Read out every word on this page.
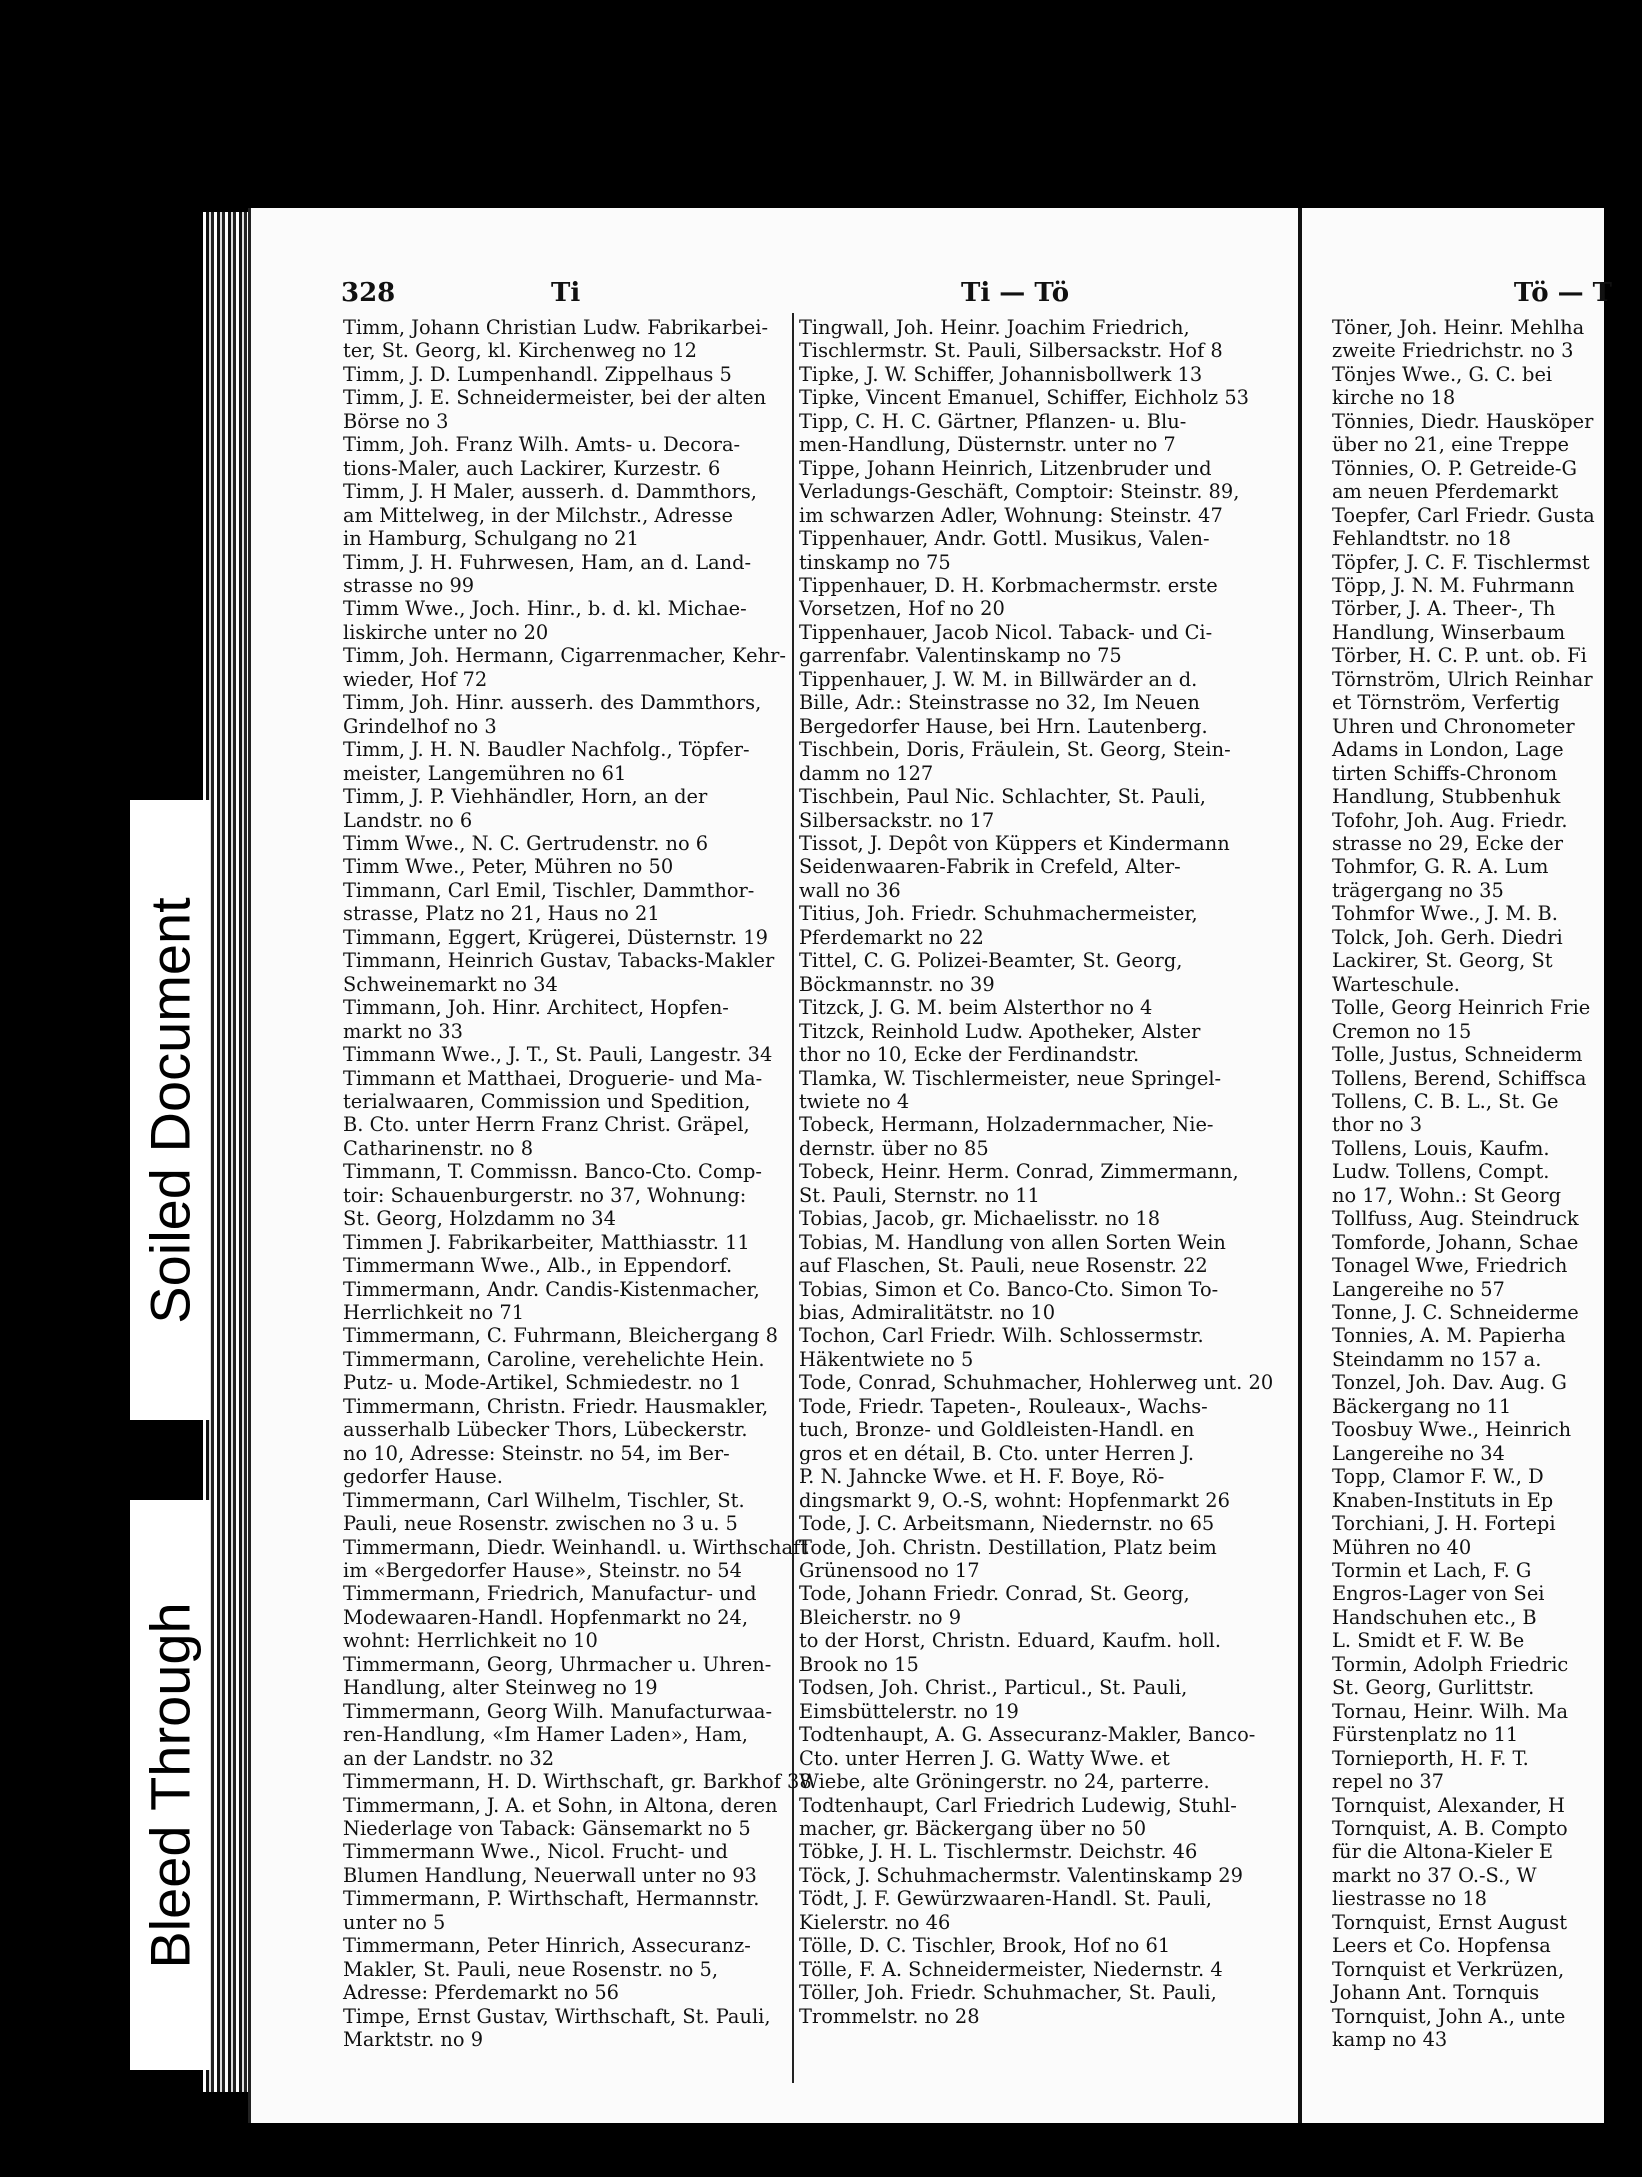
328	Ti	Ti — Tö
Timm, Johann Christian Ludw. Fabrikarbei-
ter, St. Georg, kl. Kirchenweg no 12
Timm, J. D. Lumpenhandl. Zippelhaus 5
Timm, J. E. Schneidermeister, bei der alten
Börse no 3
Timm, Joh. Franz Wilh. Amts- u. Decora-
tions-Maler, auch Lackirer, Kurzestr. 6
Timm, J. H Maler, ausserh. d. Dammthors,
am Mittelweg, in der Milchstr., Adresse
in Hamburg, Schulgang no 21
Timm, J. H. Fuhrwesen, Ham, an d. Land-
strasse no 99
Timm Wwe., Joch. Hinr., b. d. kl. Michae-
liskirche unter no 20
Timm, Joh. Hermann, Cigarrenmacher, Kehr-
wieder, Hof 72
Timm, Joh. Hinr. ausserh. des Dammthors,
Grindelhof no 3
Timm, J. H. N. Baudler Nachfolg., Töpfer-
meister, Langemühren no 61
Timm, J. P. Viehhändler, Horn, an der
Landstr. no 6
Timm Wwe., N. C. Gertrudenstr. no 6
Timm Wwe., Peter, Mühren no 50
Timmann, Carl Emil, Tischler, Dammthor-
strasse, Platz no 21, Haus no 21
Timmann, Eggert, Krügerei, Düsternstr. 19
Timmann, Heinrich Gustav, Tabacks-Makler
Schweinemarkt no 34
Timmann, Joh. Hinr. Architect, Hopfen-
markt no 33
Timmann Wwe., J. T., St. Pauli, Langestr. 34
Timmann et Matthaei, Droguerie- und Ma-
terialwaaren, Commission und Spedition,
B. Cto. unter Herrn Franz Christ. Gräpel,
Catharinenstr. no 8
Timmann, T. Commissn. Banco-Cto. Comp-
toir: Schauenburgerstr. no 37, Wohnung:
St. Georg, Holzdamm no 34
Timmen J. Fabrikarbeiter, Matthiasstr. 11
Timmermann Wwe., Alb., in Eppendorf.
Timmermann, Andr. Candis-Kistenmacher,
Herrlichkeit no 71
Timmermann, C. Fuhrmann, Bleichergang 8
Timmermann, Caroline, verehelichte Hein.
Putz- u. Mode-Artikel, Schmiedestr. no 1
Timmermann, Christn. Friedr. Hausmakler,
ausserhalb Lübecker Thors, Lübeckerstr.
no 10, Adresse: Steinstr. no 54, im Ber-
gedorfer Hause.
Timmermann, Carl Wilhelm, Tischler, St.
Pauli, neue Rosenstr. zwischen no 3 u. 5
Timmermann, Diedr. Weinhandl. u. Wirthschaft
im «Bergedorfer Hause», Steinstr. no 54
Timmermann, Friedrich, Manufactur- und
Modewaaren-Handl. Hopfenmarkt no 24,
wohnt: Herrlichkeit no 10
Timmermann, Georg, Uhrmacher u. Uhren-
Handlung, alter Steinweg no 19
Timmermann, Georg Wilh. Manufacturwaa-
ren-Handlung, «Im Hamer Laden», Ham,
an der Landstr. no 32
Timmermann, H. D. Wirthschaft, gr. Barkhof 38
Timmermann, J. A. et Sohn, in Altona, deren
Niederlage von Taback: Gänsemarkt no 5
Timmermann Wwe., Nicol. Frucht- und
Blumen Handlung, Neuerwall unter no 93
Timmermann, P. Wirthschaft, Hermannstr.
unter no 5
Timmermann, Peter Hinrich, Assecuranz-
Makler, St. Pauli, neue Rosenstr. no 5,
Adresse: Pferdemarkt no 56
Timpe, Ernst Gustav, Wirthschaft, St. Pauli,
Marktstr. no 9
Tingwall, Joh. Heinr. Joachim Friedrich,
Tischlermstr. St. Pauli, Silbersackstr. Hof 8
Tipke, J. W. Schiffer, Johannisbollwerk 13
Tipke, Vincent Emanuel, Schiffer, Eichholz 53
Tipp, C. H. C. Gärtner, Pflanzen- u. Blu-
men-Handlung, Düsternstr. unter no 7
Tippe, Johann Heinrich, Litzenbruder und
Verladungs-Geschäft, Comptoir: Steinstr. 89,
im schwarzen Adler, Wohnung: Steinstr. 47
Tippenhauer, Andr. Gottl. Musikus, Valen-
tinskamp no 75
Tippenhauer, D. H. Korbmachermstr. erste
Vorsetzen, Hof no 20
Tippenhauer, Jacob Nicol. Taback- und Ci-
garrenfabr. Valentinskamp no 75
Tippenhauer, J. W. M. in Billwärder an d.
Bille, Adr.: Steinstrasse no 32, Im Neuen
Bergedorfer Hause, bei Hrn. Lautenberg.
Tischbein, Doris, Fräulein, St. Georg, Stein-
damm no 127
Tischbein, Paul Nic. Schlachter, St. Pauli,
Silbersackstr. no 17
Tissot, J. Depôt von Küppers et Kindermann
Seidenwaaren-Fabrik in Crefeld, Alter-
wall no 36
Titius, Joh. Friedr. Schuhmachermeister,
Pferdemarkt no 22
Tittel, C. G. Polizei-Beamter, St. Georg,
Böckmannstr. no 39
Titzck, J. G. M. beim Alsterthor no 4
Titzck, Reinhold Ludw. Apotheker, Alster
thor no 10, Ecke der Ferdinandstr.
Tlamka, W. Tischlermeister, neue Springel-
twiete no 4
Tobeck, Hermann, Holzadernmacher, Nie-
dernstr. über no 85
Tobeck, Heinr. Herm. Conrad, Zimmermann,
St. Pauli, Sternstr. no 11
Tobias, Jacob, gr. Michaelisstr. no 18
Tobias, M. Handlung von allen Sorten Wein
auf Flaschen, St. Pauli, neue Rosenstr. 22
Tobias, Simon et Co. Banco-Cto. Simon To-
bias, Admiralitätstr. no 10
Tochon, Carl Friedr. Wilh. Schlossermstr.
Häkentwiete no 5
Tode, Conrad, Schuhmacher, Hohlerweg unt. 20
Tode, Friedr. Tapeten-, Rouleaux-, Wachs-
tuch, Bronze- und Goldleisten-Handl. en
gros et en détail, B. Cto. unter Herren J.
P. N. Jahncke Wwe. et H. F. Boye, Rö-
dingsmarkt 9, O.-S, wohnt: Hopfenmarkt 26
Tode, J. C. Arbeitsmann, Niedernstr. no 65
Tode, Joh. Christn. Destillation, Platz beim
Grünensood no 17
Tode, Johann Friedr. Conrad, St. Georg,
Bleicherstr. no 9
to der Horst, Christn. Eduard, Kaufm. holl.
Brook no 15
Todsen, Joh. Christ., Particul., St. Pauli,
Eimsbüttelerstr. no 19
Todtenhaupt, A. G. Assecuranz-Makler, Banco-
Cto. unter Herren J. G. Watty Wwe. et
Wiebe, alte Gröningerstr. no 24, parterre.
Todtenhaupt, Carl Friedrich Ludewig, Stuhl-
macher, gr. Bäckergang über no 50
Töbke, J. H. L. Tischlermstr. Deichstr. 46
Töck, J. Schuhmachermstr. Valentinskamp 29
Tödt, J. F. Gewürzwaaren-Handl. St. Pauli,
Kielerstr. no 46
Tölle, D. C. Tischler, Brook, Hof no 61
Tölle, F. A. Schneidermeister, Niedernstr. 4
Töller, Joh. Friedr. Schuhmacher, St. Pauli,
Trommelstr. no 28
Tö — T
Töner, Joh. Heinr. Mehlha
zweite Friedrichstr. no 3
Tönjes Wwe., G. C. bei
kirche no 18
Tönnies, Diedr. Hausköper
über no 21, eine Treppe
Tönnies, O. P. Getreide-G
am neuen Pferdemarkt
Toepfer, Carl Friedr. Gusta
Fehlandtstr. no 18
Töpfer, J. C. F. Tischlermst
Töpp, J. N. M. Fuhrmann
Törber, J. A. Theer-, Th
Handlung, Winserbaum
Törber, H. C. P. unt. ob. Fi
Törnström, Ulrich Reinhar
et Törnström, Verfertig
Uhren und Chronometer
Adams in London, Lage
tirten Schiffs-Chronom
Handlung, Stubbenhuk
Tofohr, Joh. Aug. Friedr.
strasse no 29, Ecke der
Tohmfor, G. R. A. Lum
trägergang no 35
Tohmfor Wwe., J. M. B.
Tolck, Joh. Gerh. Diedri
Lackirer, St. Georg, St
Warteschule.
Tolle, Georg Heinrich Frie
Cremon no 15
Tolle, Justus, Schneiderm
Tollens, Berend, Schiffsca
Tollens, C. B. L., St. Ge
thor no 3
Tollens, Louis, Kaufm.
Ludw. Tollens, Compt.
no 17, Wohn.: St Georg
Tollfuss, Aug. Steindruck
Tomforde, Johann, Schae
Tonagel Wwe, Friedrich
Langereihe no 57
Tonne, J. C. Schneiderme
Tonnies, A. M. Papierha
Steindamm no 157 a.
Tonzel, Joh. Dav. Aug. G
Bäckergang no 11
Toosbuy Wwe., Heinrich
Langereihe no 34
Topp, Clamor F. W., D
Knaben-Instituts in Ep
Torchiani, J. H. Fortepi
Mühren no 40
Tormin et Lach, F. G
Engros-Lager von Sei
Handschuhen etc., B
L. Smidt et F. W. Be
Tormin, Adolph Friedric
St. Georg, Gurlittstr.
Tornau, Heinr. Wilh. Ma
Fürstenplatz no 11
Tornieporth, H. F. T.
repel no 37
Tornquist, Alexander, H
Tornquist, A. B. Compto
für die Altona-Kieler E
markt no 37 O.-S., W
liestrasse no 18
Tornquist, Ernst August
Leers et Co. Hopfensa
Tornquist et Verkrüzen,
Johann Ant. Tornquis
Tornquist, John A., unte
kamp no 43
Soiled Document
Bleed Through
